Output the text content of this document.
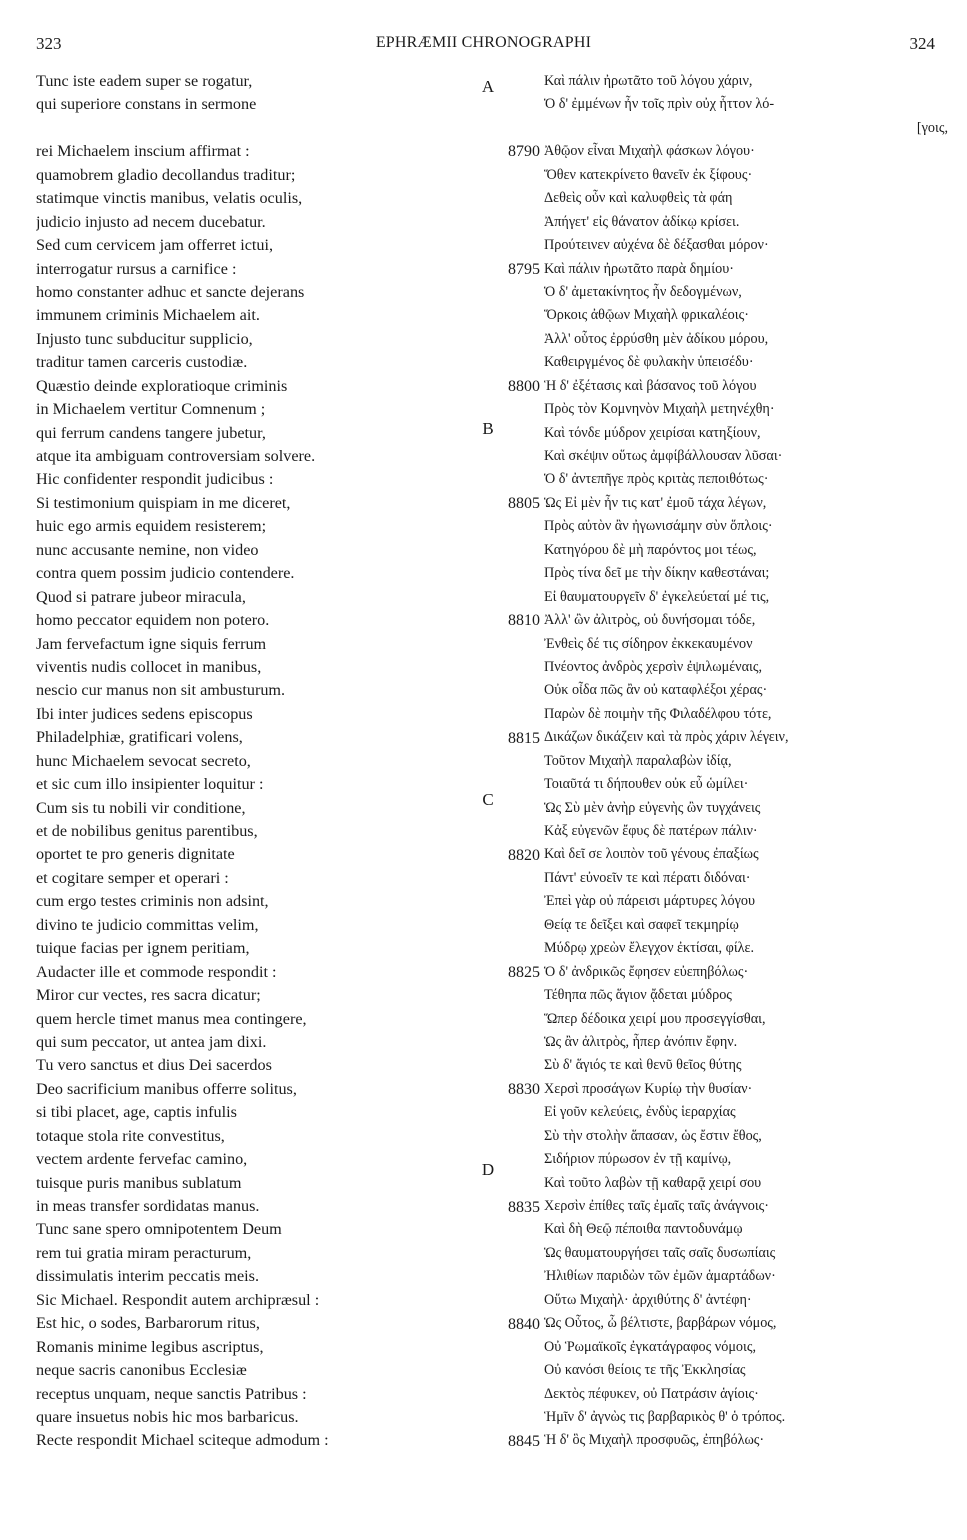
EPHRÆMII CHRONOGRAPHI
323	324
Tunc iste eadem super se rogatur,
qui superiore constans in sermone
rei Michaelem inscium affirmat :
quamobrem gladio decollandus traditur;
statimque vinctis manibus, velatis oculis,
judicio injusto ad necem ducebatur.
Sed cum cervicem jam offerret ictui,
interrogatur rursus a carnifice :
homo constanter adhuc et sancte dejerans
immunem criminis Michaelem ait.
Injusto tunc subducitur supplicio,
traditur tamen carceris custodiæ.
Quæstio deinde exploratioque criminis
in Michaelem vertitur Comnenum ;
qui ferrum candens tangere jubetur,
atque ita ambiguam controversiam solvere.
Hic confidenter respondit judicibus :
Si testimonium quispiam in me diceret,
huic ego armis equidem resisterem;
nunc accusante nemine, non video
contra quem possim judicio contendere.
Quod si patrare jubeor miracula,
homo peccator equidem non potero.
Jam fervefactum igne siquis ferrum
viventis nudis collocet in manibus,
nescio cur manus non sit ambusturum.
Ibi inter judices sedens episcopus
Philadelphiæ, gratificari volens,
hunc Michaelem sevocat secreto,
et sic cum illo insipienter loquitur :
Cum sis tu nobili vir conditione,
et de nobilibus genitus parentibus,
oportet te pro generis dignitate
et cogitare semper et operari :
cum ergo testes criminis non adsint,
divino te judicio committas velim,
tuique facias per ignem peritiam,
Audacter ille et commode respondit :
Miror cur vectes, res sacra dicatur;
quem hercle timet manus mea contingere,
qui sum peccator, ut antea jam dixi.
Tu vero sanctus et dius Dei sacerdos
Deo sacrificium manibus offerre solitus,
si tibi placet, age, captis infulis
totaque stola rite convestitus,
vectem ardente fervefac camino,
tuisque puris manibus sublatum
in meas transfer sordidatas manus.
Tunc sane spero omnipotentem Deum
rem tui gratia miram peracturum,
dissimulatis interim peccatis meis.
Sic Michael. Respondit autem archipræsul :
Est hic, o sodes, Barbarorum ritus,
Romanis minime legibus ascriptus,
neque sacris canonibus Ecclesiæ
receptus unquam, neque sanctis Patribus :
quare insuetus nobis hic mos barbaricus.
Recte respondit Michael sciteque admodum :
Καὶ πάλιν ἠρωτᾶτο τοῦ λόγου χάριν,
Ὁ δ' ἐμμένων ἦν τοῖς πρὶν οὐχ ἧττον λό-
[γοις,
Ἀθῷον εἶναι Μιχαὴλ φάσκων λόγου·
Ὅθεν κατεκρίνετο θανεῖν ἐκ ξίφους·
Δεθεὶς οὖν καὶ καλυφθεὶς τὰ φάη
Ἀπήγετ' εἰς θάνατον ἀδίκῳ κρίσει.
Προύτεινεν αὐχένα δὲ δέξασθαι μόρον·
Καὶ πάλιν ἠρωτᾶτο παρὰ δημίου·
Ὁ δ' ἀμετακίνητος ἦν δεδογμένων,
Ὅρκοις ἀθῷων Μιχαὴλ φρικαλέοις·
Ἀλλ' οὗτος ἐρρύσθη μὲν ἀδίκου μόρου,
Καθειργμένος δὲ φυλακὴν ὑπεισέδυ·
Ἡ δ' ἐξέτασις καὶ βάσανος τοῦ λόγου
Πρὸς τὸν Κομνηνὸν Μιχαὴλ μετηνέχθη·
Καὶ τόνδε μύδρον χειρίσαι κατηξίουν,
Καὶ σκέψιν οὕτως ἀμφίβάλλουσαν λῦσαι·
Ὁ δ' ἀντεπῆγε πρὸς κριτὰς πεποιθότως·
Ὡς Εἰ μὲν ἦν τις κατ' ἐμοῦ τάχα λέγων,
Πρὸς αὐτὸν ἂν ἠγωνισάμην σὺν ὅπλοις·
Κατηγόρου δὲ μὴ παρόντος μοι τέως,
Πρὸς τίνα δεῖ με τὴν δίκην καθεστάναι;
Εἰ θαυματουργεῖν δ' ἐγκελεύεταί μέ τις,
Ἀλλ' ὢν ἀλιτρὸς, οὐ δυνήσομαι τόδε,
Ἐνθεὶς δέ τις σίδηρον ἐκκεκαυμένον
Πνέοντος ἀνδρὸς χερσὶν ἐψιλωμέναις,
Οὐκ οἶδα πῶς ἂν οὐ καταφλέξοι χέρας·
Παρὼν δὲ ποιμὴν τῆς Φιλαδέλφου τότε,
Δικάζων δικάζειν καὶ τὰ πρὸς χάριν λέγειν,
Τοῦτον Μιχαὴλ παραλαβὼν ἰδίᾳ,
Τοιαῦτά τι δήπουθεν οὐκ εὖ ὡμίλει·
Ὡς Σὺ μὲν ἀνὴρ εὐγενὴς ὢν τυγχάνεις
Κἀξ εὐγενῶν ἔφυς δὲ πατέρων πάλιν·
Καὶ δεῖ σε λοιπὸν τοῦ γένους ἐπαξίως
Πάντ' εὐνοεῖν τε καὶ πέρατι διδόναι·
Ἐπεὶ γὰρ οὐ πάρεισι μάρτυρες λόγου
Θείᾳ τε δεῖξει καὶ σαφεῖ τεκμηρίῳ
Μύδρῳ χρεὼν ἔλεγχον ἐκτίσαι, φίλε.
Ὁ δ' ἀνδρικῶς ἔφησεν εὐεπηβόλως·
Τέθηπα πῶς ἅγιον ᾄδεται μύδρος
Ὥπερ δέδοικα χειρί μου προσεγγίσθαι,
Ὡς ἂν ἀλιτρὸς, ἧπερ ἀνόπιν ἔφην.
Σὺ δ' ἅγιός τε καὶ θενῦ θεῖος θύτης
Χερσὶ προσάγων Κυρίῳ τὴν θυσίαν·
Εἰ γοῦν κελεύεις, ἐνδὺς ἱεραρχίας
Σὺ τὴν στολὴν ἅπασαν, ὡς ἔστιν ἔθος,
Σιδήριον πύρωσον ἐν τῇ καμίνῳ,
Καὶ τοῦτο λαβὼν τῇ καθαρᾷ χειρί σου
Χερσὶν ἐπίθες ταῖς ἐμαῖς ταῖς ἀνάγνοις·
Καὶ δὴ Θεῷ πέποιθα παντοδυνάμῳ
Ὡς θαυματουργήσει ταῖς σαῖς δυσωπίαις
Ἠλιθίων παριδὼν τῶν ἐμῶν ἁμαρτάδων·
Οὕτω Μιχαὴλ· ἀρχιθύτης δ' ἀντέφη·
Ὡς Οὗτος, ὦ βέλτιστε, βαρβάρων νόμος,
Οὐ Ῥωμαϊκοῖς ἐγκατάγραφος νόμοις,
Οὐ κανόσι θείοις τε τῆς Ἐκκλησίας
Δεκτὸς πέφυκεν, οὐ Πατράσιν ἁγίοις·
Ἡμῖν δ' ἀγνὼς τις βαρβαρικὸς θ' ὁ τρόπος.
Ἡ δ' ὃς Μιχαὴλ προσφυῶς, ἐπηβόλως·
8790
8795
8800
8805
8810
8815
8820
8825
8830
8835
8840
8845
A
B
C
D
